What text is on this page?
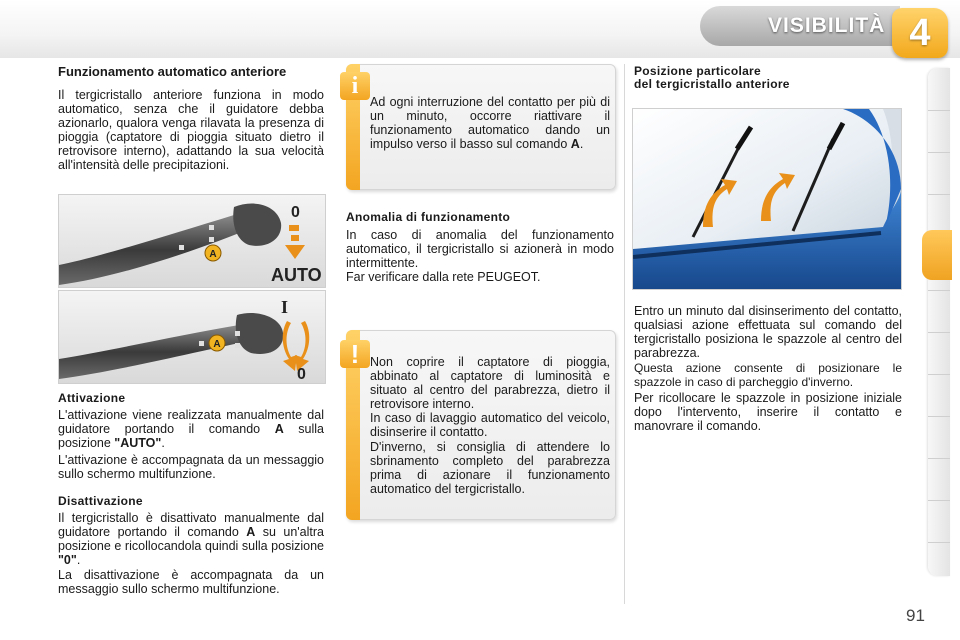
VISIBILITÀ 4
Funzionamento automatico anteriore

Il tergicristallo anteriore funziona in modo automatico, senza che il guidatore debba azionarlo, qualora venga rilavata la presenza di pioggia (captatore di pioggia situato dietro il retrovisore interno), adattando la sua velocità all'intensità delle precipitazioni.

A
0
AUTO
A
I
0
Attivazione

L'attivazione viene realizzata manualmente dal guidatore portando il comando A sulla posizione "AUTO".

L'attivazione è accompagnata da un messaggio sullo schermo multifunzione.

Disattivazione

Il tergicristallo è disattivato manualmente dal guidatore portando il comando A su un'altra posizione e ricollocandola quindi sulla posizione "0".

La disattivazione è accompagnata da un messaggio sullo schermo multifunzione.

i

Ad ogni interruzione del contatto per più di un minuto, occorre riattivare il funzionamento automatico dando un impulso verso il basso sul comando A.

Anomalia di funzionamento

In caso di anomalia del funzionamento automatico, il tergicristallo si azionerà in modo intermittente.

Far verificare dalla rete PEUGEOT.

! Non coprire il captatore di pioggia, abbinato al captatore di luminosità e situato al centro del parabrezza, dietro il retrovisore interno.

In caso di lavaggio automatico del veicolo, disinserire il contatto.

D'inverno, si consiglia di attendere lo sbrinamento completo del parabrezza prima di azionare il funzionamento automatico del tergicristallo.

Posizione particolare
del tergicristallo anteriore

Entro un minuto dal disinserimento del contatto, qualsiasi azione effettuata sul comando del tergicristallo posiziona le spazzole al centro del parabrezza.

Questa azione consente di posizionare le spazzole in caso di parcheggio d'inverno.

Per ricollocare le spazzole in posizione iniziale dopo l'intervento, inserire il contatto e manovrare il comando.

91
